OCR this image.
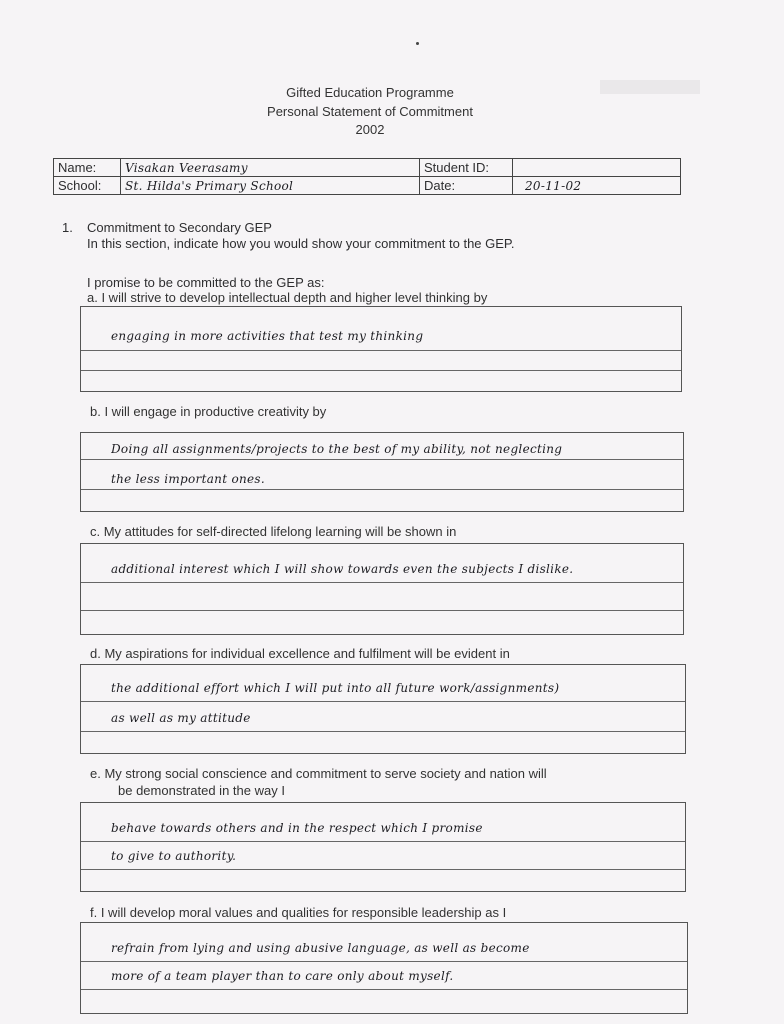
Gifted Education Programme
Personal Statement of Commitment
2002
Name:	Visakan Veerasamy	Student ID:	
School:	St. Hilda's Primary School	Date:	20-11-02
1. Commitment to Secondary GEP
In this section, indicate how you would show your commitment to the GEP.
I promise to be committed to the GEP as:
a. I will strive to develop intellectual depth and higher level thinking by
engaging in more activities that test my thinking
b. I will engage in productive creativity by
Doing all assignments/projects to the best of my ability, not neglecting
the less important ones.
c. My attitudes for self-directed lifelong learning will be shown in
additional interest which I will show towards even the subjects I dislike.
d. My aspirations for individual excellence and fulfilment will be evident in
the additional effort which I will put into all future work/assignments)
as well as my attitude
e. My strong social conscience and commitment to serve society and nation will
be demonstrated in the way I
behave towards others and in the respect which I promise
to give to authority.
f. I will develop moral values and qualities for responsible leadership as I
refrain from lying and using abusive language, as well as become
more of a team player than to care only about myself.
